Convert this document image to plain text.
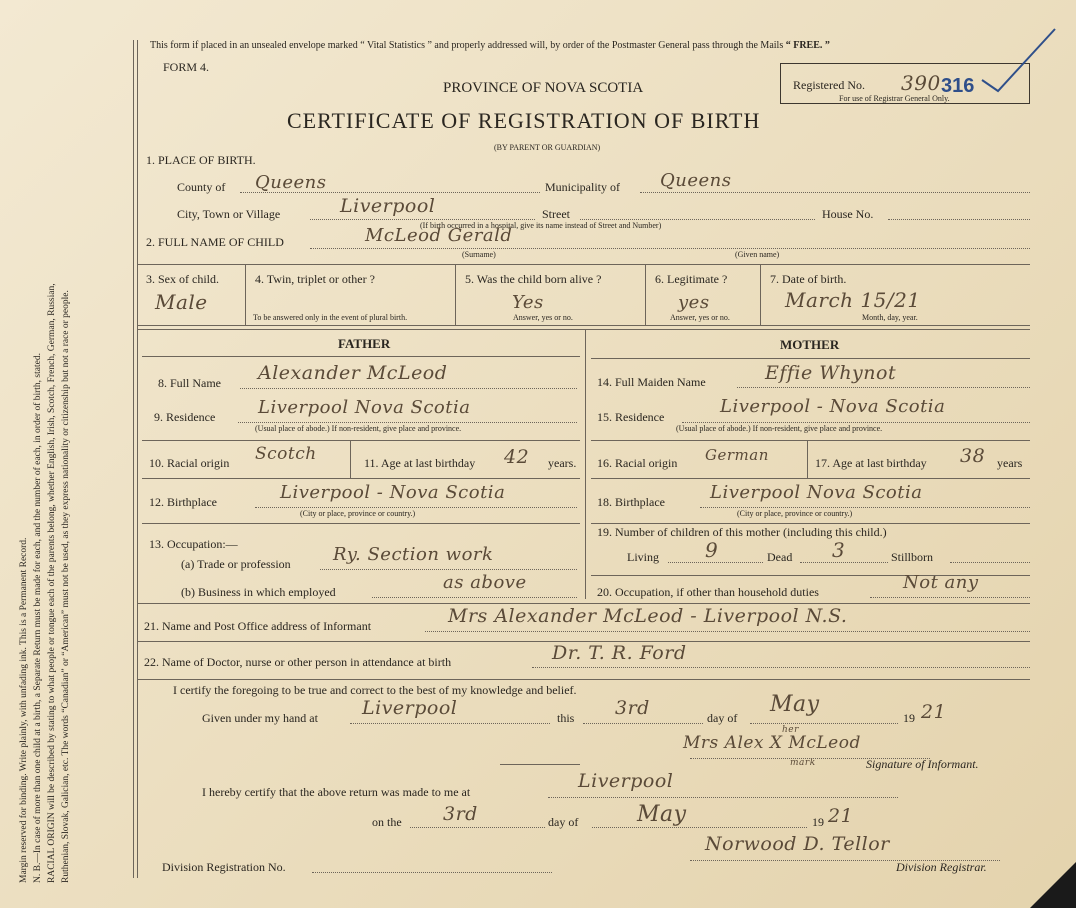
Margin reserved for binding. Write plainly, with unfading ink. This is a Permanent Record. N. B.—In case of more than one child at a birth, a Separate Return must be made for each, and the number of each, in order of birth, stated. RACIAL ORIGIN will be described by stating to what people or tongue each of the parents belong, whether English, Irish, Scotch, French, German, Russian, Ruthenian, Slovak, Galician, etc. The words “Canadian” or “American” must not be used, as they express nationality or citizenship but not a race or people.
This form if placed in an unsealed envelope marked “ Vital Statistics ” and properly addressed will, by order of the Postmaster General pass through the Mails “ FREE. ”
FORM 4.
PROVINCE OF NOVA SCOTIA
CERTIFICATE OF REGISTRATION OF BIRTH
(BY PARENT OR GUARDIAN)
Registered No. 390 316
For use of Registrar General Only.
1. PLACE OF BIRTH.
County of Queens	Municipality of Queens
City, Town or Village	Liverpool	Street	House No.
(If birth occurred in a hospital, give its name instead of Street and Number)
2. FULL NAME OF CHILD	McLeod Gerald
(Surname)	(Given name)
3. Sex of child.
Male
4. Twin, triplet or other ?
To be answered only in the event of plural birth.
5. Was the child born alive ?
Yes
Answer, yes or no.
6. Legitimate ?
yes
Answer, yes or no.
7. Date of birth.
March 15/21
Month, day, year.
FATHER	MOTHER
8. Full Name Alexander McLeod
9. Residence Liverpool Nova Scotia
(Usual place of abode.) If non-resident, give place and province.
10. Racial origin Scotch	11. Age at last birthday 42 years.
12. Birthplace	Liverpool - Nova Scotia
(City or place, province or country.)
13. Occupation:—
(a) Trade or profession Ry. Section work
(b) Business in which employed	as above
14. Full Maiden Name	Effie Whynot
15. Residence	Liverpool - Nova Scotia
(Usual place of abode.) If non-resident, give place and province.
16. Racial origin German	17. Age at last birthday 38 years
18. Birthplace	Liverpool Nova Scotia
(City or place, province or country.)
19. Number of children of this mother (including this child.)
Living 9	Dead 3	Stillborn
20. Occupation, if other than household duties	Not any
21. Name and Post Office address of Informant	Mrs Alexander McLeod - Liverpool N.S.
22. Name of Doctor, nurse or other person in attendance at birth	Dr. T. R. Ford
I certify the foregoing to be true and correct to the best of my knowledge and belief.
Given under my hand at Liverpool	this 3rd	day of
May
19 21
Mrs Alex X McLeod
her
mark	Signature of Informant.
I hereby certify that the above return was made to me at	Liverpool
on the 3rd	day of	May	19 21
Norwood D. Tellor
Division Registration No.	Division Registrar.
